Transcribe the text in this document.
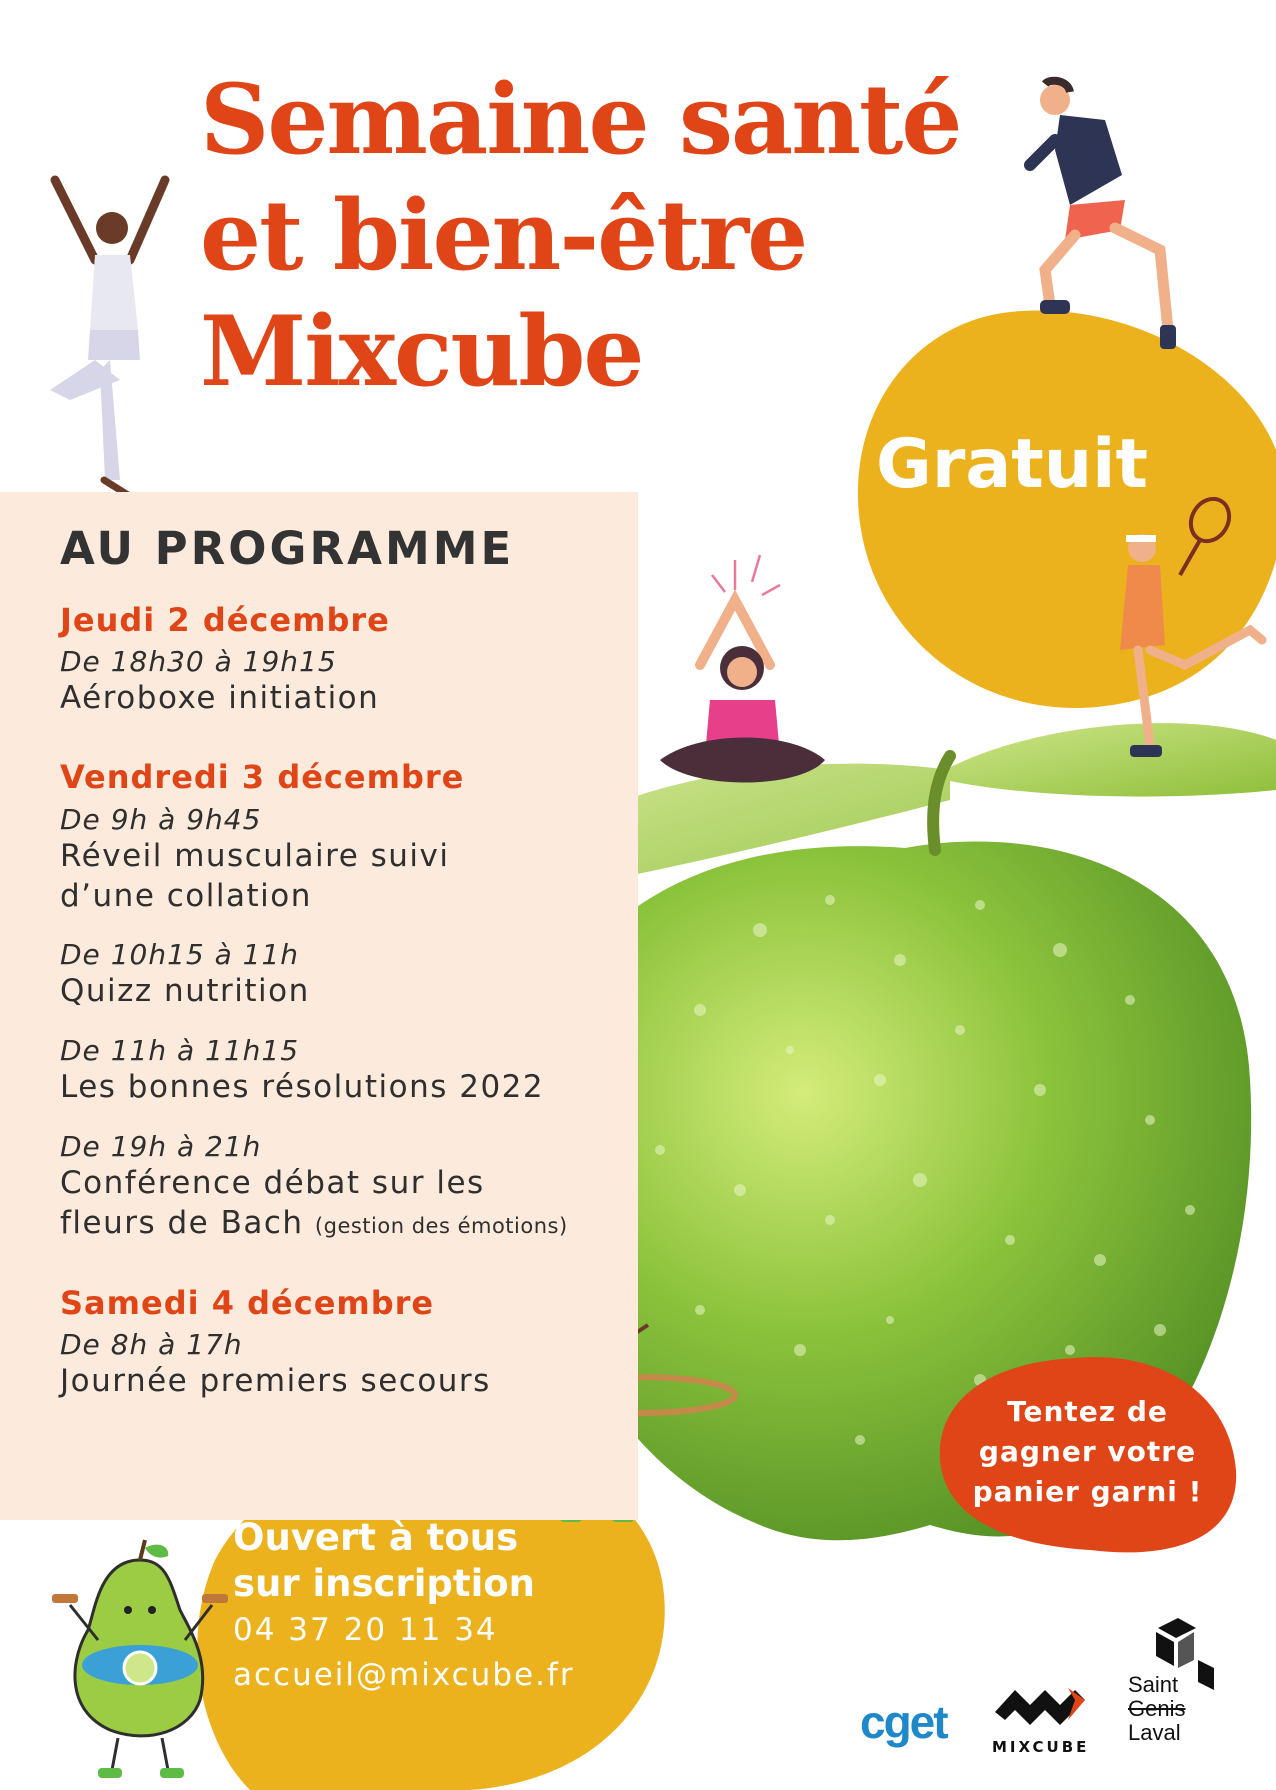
Semaine santé
et bien-être
Mixcube
Gratuit
AU PROGRAMME
Jeudi 2 décembre
De 18h30 à 19h15
Aéroboxe initiation
Vendredi 3 décembre
De 9h à 9h45
Réveil musculaire suivi
d’une collation
De 10h15 à 11h
Quizz nutrition
De 11h à 11h15
Les bonnes résolutions 2022
De 19h à 21h
Conférence débat sur les
fleurs de Bach (gestion des émotions)
Samedi 4 décembre
De 8h à 17h
Journée premiers secours
Tentez de
gagner votre
panier garni !
Ouvert à tous
sur inscription
04 37 20 11 34
accueil@mixcube.fr
cget	MIXCUBE
Saint
Genis
Laval
